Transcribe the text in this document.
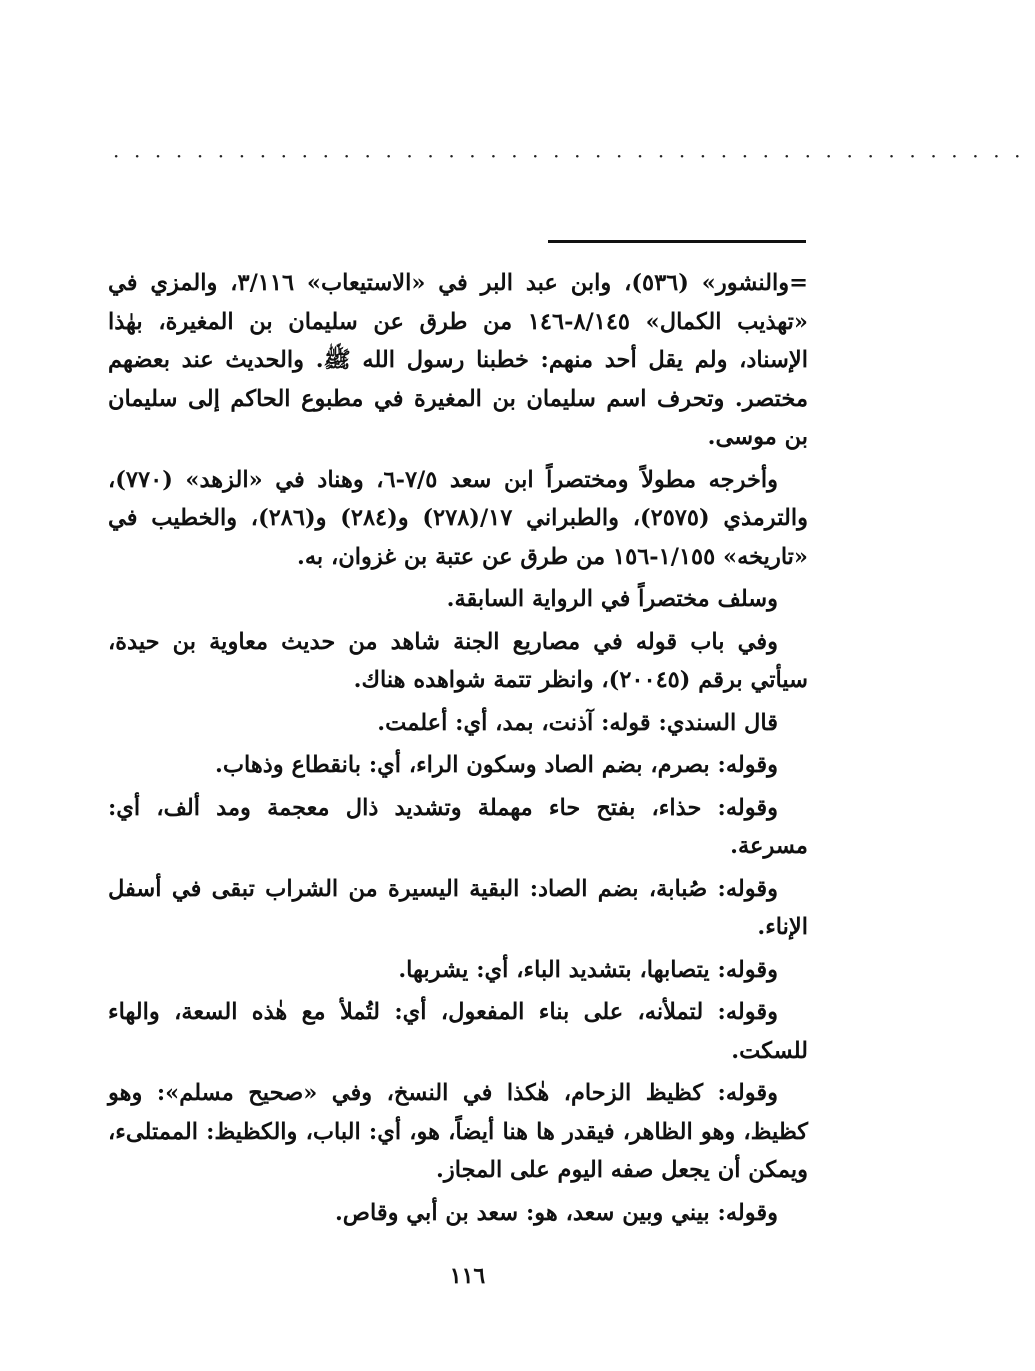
············································

=والنشور» (٥٣٦)، وابن عبد البر في «الاستيعاب» ٣/١١٦، والمزي في «تهذيب الكمال» ٨/١٤٥-١٤٦ من طرق عن سليمان بن المغيرة، بهٰذا الإسناد، ولم يقل أحد منهم: خطبنا رسول الله ﷺ. والحديث عند بعضهم مختصر. وتحرف اسم سليمان بن المغيرة في مطبوع الحاكم إلى سليمان بن موسى.

وأخرجه مطولاً ومختصراً ابن سعد ٧/٥-٦، وهناد في «الزهد» (٧٧٠)، والترمذي (٢٥٧٥)، والطبراني ١٧/(٢٧٨) و(٢٨٤) و(٢٨٦)، والخطيب في «تاريخه» ١/١٥٥-١٥٦ من طرق عن عتبة بن غزوان، به.

وسلف مختصراً في الرواية السابقة.

وفي باب قوله في مصاريع الجنة شاهد من حديث معاوية بن حيدة، سيأتي برقم (٢٠٠٤٥)، وانظر تتمة شواهده هناك.

قال السندي: قوله: آذنت، بمد، أي: أعلمت.

وقوله: بصرم، بضم الصاد وسكون الراء، أي: بانقطاع وذهاب.

وقوله: حذاء، بفتح حاء مهملة وتشديد ذال معجمة ومد ألف، أي: مسرعة.

وقوله: صُبابة، بضم الصاد: البقية اليسيرة من الشراب تبقى في أسفل الإناء.

وقوله: يتصابها، بتشديد الباء، أي: يشربها.

وقوله: لتملأنه، على بناء المفعول، أي: لتُملأ مع هٰذه السعة، والهاء للسكت.

وقوله: كظيظ الزحام، هٰكذا في النسخ، وفي «صحيح مسلم»: وهو كظيظ، وهو الظاهر، فيقدر ها هنا أيضاً، هو، أي: الباب، والكظيظ: الممتلىء، ويمكن أن يجعل صفه اليوم على المجاز.

وقوله: بيني وبين سعد، هو: سعد بن أبي وقاص.

١١٦
